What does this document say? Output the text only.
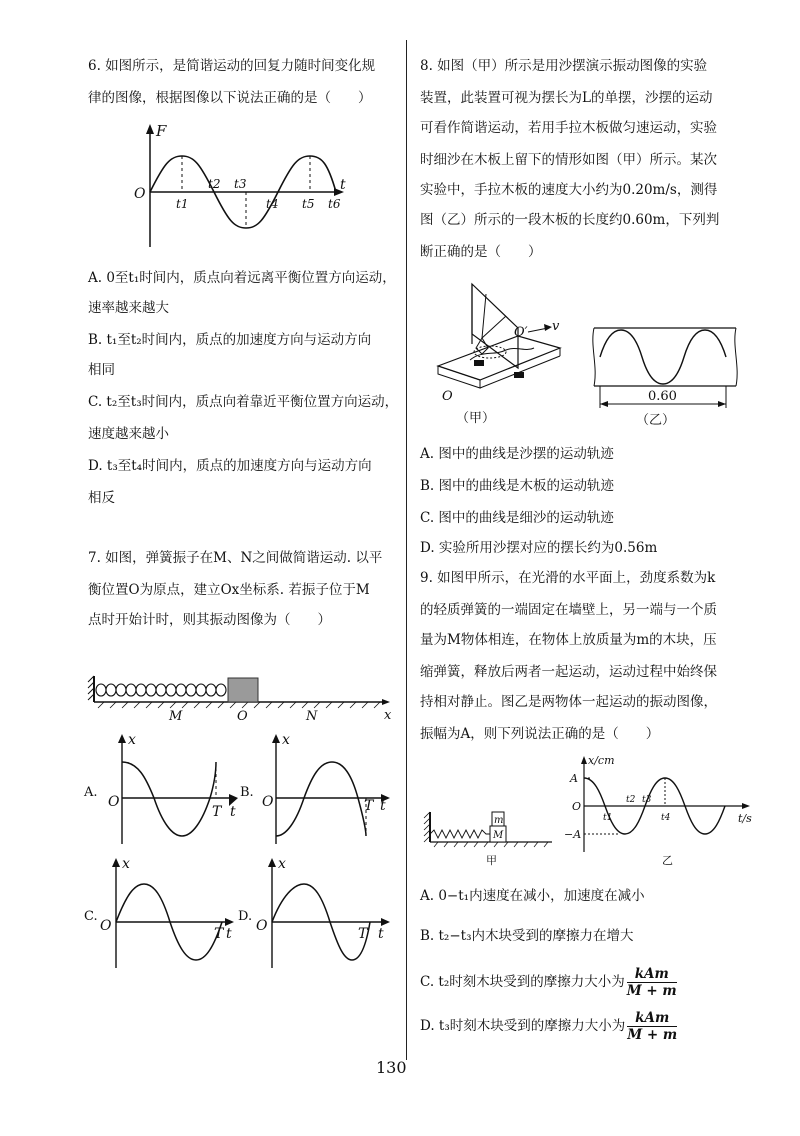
6. 如图所示，是简谐运动的回复力随时间变化规
律的图像，根据图像以下说法正确的是（　　）
F
t
O
t1
t2 t3
t4 t5 t6
A. 0至t₁时间内，质点向着远离平衡位置方向运动，
速率越来越大
B. t₁至t₂时间内，质点的加速度方向与运动方向
相同
C. t₂至t₃时间内，质点向着靠近平衡位置方向运动，
速度越来越小
D. t₃至t₄时间内，质点的加速度方向与运动方向
相反
7. 如图，弹簧振子在M、N之间做简谐运动. 以平
衡位置O为原点，建立Ox坐标系. 若振子位于M
点时开始计时，则其振动图像为（　　）
M	O	N	x
A.
x
O
T t
B.
x
O	T t
C.
x
O	T t
D.
x
O	T t
8. 如图（甲）所示是用沙摆演示振动图像的实验
装置，此装置可视为摆长为L的单摆，沙摆的运动
可看作简谐运动，若用手拉木板做匀速运动，实验
时细沙在木板上留下的情形如图（甲）所示。某次
实验中，手拉木板的速度大小约为0.20m/s，测得
图（乙）所示的一段木板的长度约0.60m，下列判
断正确的是（　　）
O′ v
O
（甲）
0.60
（乙）
A. 图中的曲线是沙摆的运动轨迹
B. 图中的曲线是木板的运动轨迹
C. 图中的曲线是细沙的运动轨迹
D. 实验所用沙摆对应的摆长约为0.56m
9. 如图甲所示，在光滑的水平面上，劲度系数为k
的轻质弹簧的一端固定在墙壁上，另一端与一个质
量为M物体相连，在物体上放质量为m的木块，压
缩弹簧，释放后两者一起运动，运动过程中始终保
持相对静止。图乙是两物体一起运动的振动图像，
振幅为A，则下列说法正确的是（　　）
m
M
甲
x/cm
t/s
A
−A
O
t1
t2 t3
t4
乙
A. 0−t₁内速度在减小，加速度在减小
B. t₂−t₃内木块受到的摩擦力在增大
C. t₂时刻木块受到的摩擦力大小为 $\frac{\text{kAm}}{M + m}$
D. t₃时刻木块受到的摩擦力大小为 $\frac{\text{kAm}}{M + m}$
130
